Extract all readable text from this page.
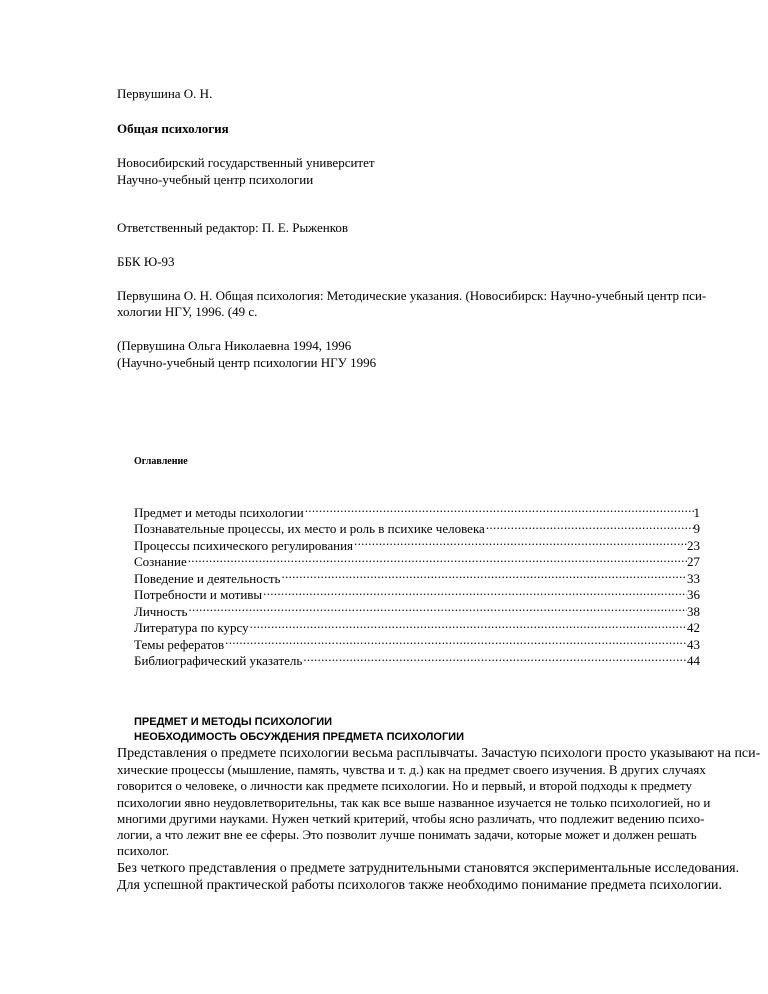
Первушина О. Н.
Общая психология
Новосибирский государственный университет
Научно-учебный центр психологии
Ответственный редактор: П. Е. Рыженков
ББК Ю-93
Первушина О. Н. Общая психология: Методические указания. (Новосибирск: Научно-учебный центр пси-
хологии НГУ, 1996. (49 с.
(Первушина Ольга Николаевна 1994, 1996
(Научно-учебный центр психологии НГУ 1996
Оглавление
Предмет и методы психологии .....	1
Познавательные процессы, их место и роль в психике человека .....	9
Процессы психического регулирования .....	23
Сознание .....	27
Поведение и деятельность .....	33
Потребности и мотивы .....	36
Личность .....	38
Литература по курсу .....	42
Темы рефератов .....	43
Библиографический указатель .....	44
ПРЕДМЕТ И МЕТОДЫ ПСИХОЛОГИИ
НЕОБХОДИМОСТЬ ОБСУЖДЕНИЯ ПРЕДМЕТА ПСИХОЛОГИИ
Представления о предмете психологии весьма расплывчаты. Зачастую психологи просто указывают на пси-
хические процессы (мышление, память, чувства и т. д.) как на предмет своего изучения. В других случаях
говорится о человеке, о личности как предмете психологии. Но и первый, и второй подходы к предмету
психологии явно неудовлетворительны, так как все выше названное изучается не только психологией, но и
многими другими науками. Нужен четкий критерий, чтобы ясно различать, что подлежит ведению психо-
логии, а что лежит вне ее сферы. Это позволит лучше понимать задачи, которые может и должен решать
психолог.
Без четкого представления о предмете затруднительными становятся экспериментальные исследования.
Для успешной практической работы психологов также необходимо понимание предмета психологии.
